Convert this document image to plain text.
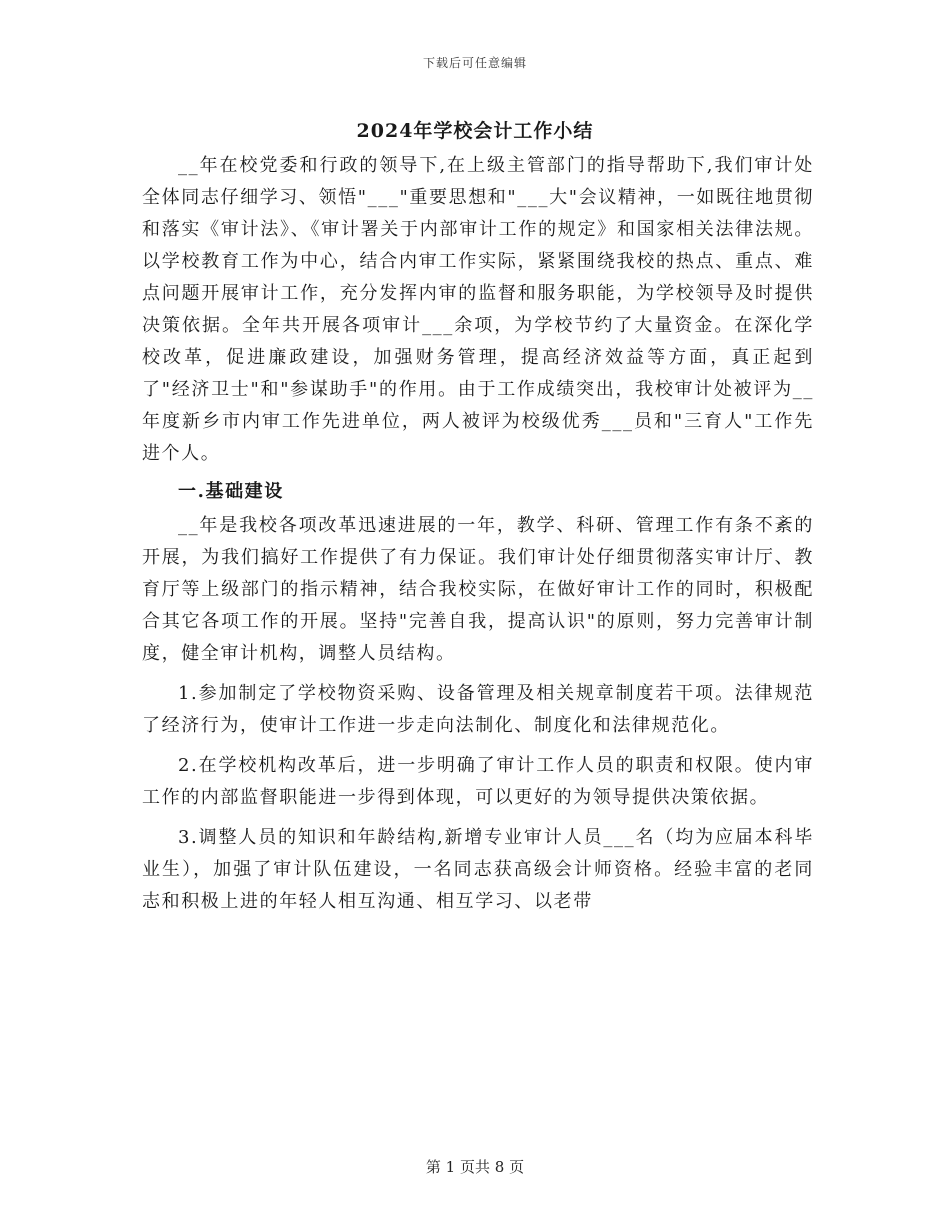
下载后可任意编辑
2024年学校会计工作小结

__年在校党委和行政的领导下,在上级主管部门的指导帮助下,我们审计处全体同志仔细学习、领悟"___"重要思想和"___大"会议精神，一如既往地贯彻和落实《审计法》、《审计署关于内部审计工作的规定》和国家相关法律法规。以学校教育工作为中心，结合内审工作实际，紧紧围绕我校的热点、重点、难点问题开展审计工作，充分发挥内审的监督和服务职能，为学校领导及时提供决策依据。全年共开展各项审计___余项，为学校节约了大量资金。在深化学校改革，促进廉政建设，加强财务管理，提高经济效益等方面，真正起到了"经济卫士"和"参谋助手"的作用。由于工作成绩突出，我校审计处被评为__年度新乡市内审工作先进单位，两人被评为校级优秀___员和"三育人"工作先进个人。

一.基础建设

__年是我校各项改革迅速进展的一年，教学、科研、管理工作有条不紊的开展，为我们搞好工作提供了有力保证。我们审计处仔细贯彻落实审计厅、教育厅等上级部门的指示精神，结合我校实际，在做好审计工作的同时，积极配合其它各项工作的开展。坚持"完善自我，提高认识"的原则，努力完善审计制度，健全审计机构，调整人员结构。

1.参加制定了学校物资采购、设备管理及相关规章制度若干项。法律规范了经济行为，使审计工作进一步走向法制化、制度化和法律规范化。

2.在学校机构改革后，进一步明确了审计工作人员的职责和权限。使内审工作的内部监督职能进一步得到体现，可以更好的为领导提供决策依据。

3.调整人员的知识和年龄结构,新增专业审计人员___名（均为应届本科毕业生），加强了审计队伍建设，一名同志获高级会计师资格。经验丰富的老同志和积极上进的年轻人相互沟通、相互学习、以老带

第 1 页共 8 页
